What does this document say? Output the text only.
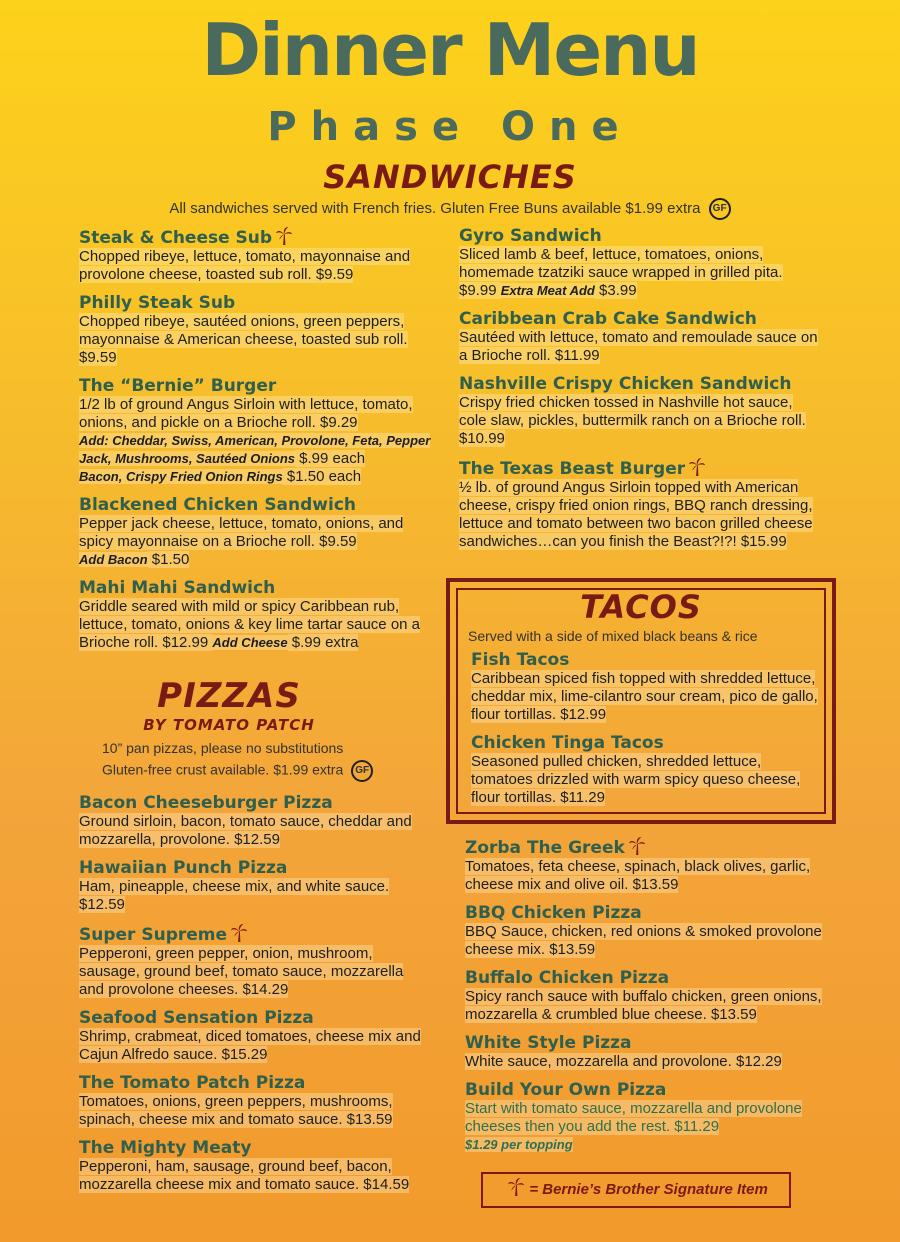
Dinner Menu
Phase One
SANDWICHES
All sandwiches served with French fries. Gluten Free Buns available $1.99 extra GF
Steak & Cheese Sub
Chopped ribeye, lettuce, tomato, mayonnaise and provolone cheese, toasted sub roll. $9.59
Philly Steak Sub
Chopped ribeye, sautéed onions, green peppers, mayonnaise & American cheese, toasted sub roll. $9.59
The “Bernie” Burger
1/2 lb of ground Angus Sirloin with lettuce, tomato, onions, and pickle on a Brioche roll. $9.29
Add: Cheddar, Swiss, American, Provolone, Feta, Pepper Jack, Mushrooms, Sautéed Onions $.99 each
Bacon, Crispy Fried Onion Rings $1.50 each
Blackened Chicken Sandwich
Pepper jack cheese, lettuce, tomato, onions, and spicy mayonnaise on a Brioche roll. $9.59
Add Bacon $1.50
Mahi Mahi Sandwich
Griddle seared with mild or spicy Caribbean rub, lettuce, tomato, onions & key lime tartar sauce on a Brioche roll. $12.99 Add Cheese $.99 extra
Gyro Sandwich
Sliced lamb & beef, lettuce, tomatoes, onions, homemade tzatziki sauce wrapped in grilled pita. $9.99 Extra Meat Add $3.99
Caribbean Crab Cake Sandwich
Sautéed with lettuce, tomato and remoulade sauce on a Brioche roll. $11.99
Nashville Crispy Chicken Sandwich
Crispy fried chicken tossed in Nashville hot sauce, cole slaw, pickles, buttermilk ranch on a Brioche roll. $10.99
The Texas Beast Burger
½ lb. of ground Angus Sirloin topped with American cheese, crispy fried onion rings, BBQ ranch dressing, lettuce and tomato between two bacon grilled cheese sandwiches…can you finish the Beast?!?! $15.99
TACOS
Served with a side of mixed black beans & rice
Fish Tacos
Caribbean spiced fish topped with shredded lettuce, cheddar mix, lime-cilantro sour cream, pico de gallo, flour tortillas. $12.99
Chicken Tinga Tacos
Seasoned pulled chicken, shredded lettuce, tomatoes drizzled with warm spicy queso cheese, flour tortillas. $11.29
PIZZAS
BY TOMATO PATCH
10” pan pizzas, please no substitutions
Gluten-free crust available. $1.99 extra GF
Bacon Cheeseburger Pizza
Ground sirloin, bacon, tomato sauce, cheddar and mozzarella, provolone. $12.59
Hawaiian Punch Pizza
Ham, pineapple, cheese mix, and white sauce. $12.59
Super Supreme
Pepperoni, green pepper, onion, mushroom, sausage, ground beef, tomato sauce, mozzarella and provolone cheeses. $14.29
Seafood Sensation Pizza
Shrimp, crabmeat, diced tomatoes, cheese mix and Cajun Alfredo sauce. $15.29
The Tomato Patch Pizza
Tomatoes, onions, green peppers, mushrooms, spinach, cheese mix and tomato sauce. $13.59
The Mighty Meaty
Pepperoni, ham, sausage, ground beef, bacon, mozzarella cheese mix and tomato sauce. $14.59
Zorba The Greek
Tomatoes, feta cheese, spinach, black olives, garlic, cheese mix and olive oil. $13.59
BBQ Chicken Pizza
BBQ Sauce, chicken, red onions & smoked provolone cheese mix. $13.59
Buffalo Chicken Pizza
Spicy ranch sauce with buffalo chicken, green onions, mozzarella & crumbled blue cheese. $13.59
White Style Pizza
White sauce, mozzarella and provolone. $12.29
Build Your Own Pizza
Start with tomato sauce, mozzarella and provolone cheeses then you add the rest. $11.29
$1.29 per topping
= Bernie’s Brother Signature Item
